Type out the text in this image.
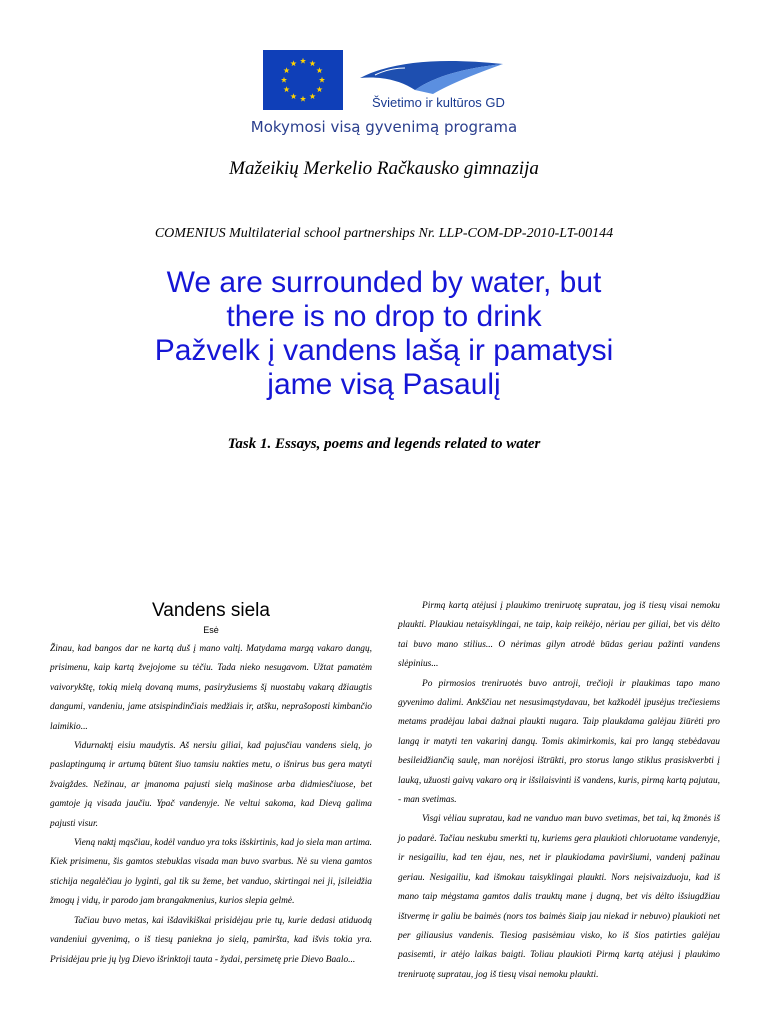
Švietimo ir kultūros GD
Mokymosi visą gyvenimą programa
Mažeikių Merkelio Račkausko gimnazija
COMENIUS Multilaterial school partnerships Nr. LLP-COM-DP-2010-LT-00144
We are surrounded by water, but
there is no drop to drink
Pažvelk į vandens lašą ir pamatysi
jame visą Pasaulį
Task 1. Essays, poems and legends related to water
Vandens siela
Esė

Žinau, kad bangos dar ne kartą duš į mano valtį. Matydama margą vakaro dangų, prisimenu, kaip kartą žvejojome su tėčiu. Tada nieko nesugavom. Užtat pamatėm vaivorykštę, tokią mielą dovaną mums, pasiryžusiems šį nuostabų vakarą džiaugtis dangumi, vandeniu, jame atsispindinčiais medžiais ir, atšku, neprašoposti kimbančio laimikio...

Vidurnaktį eisiu maudytis. Aš nersiu giliai, kad pajusčiau vandens sielą, jo paslaptingumą ir artumą būtent šiuo tamsiu nakties metu, o išnirus bus gera matyti žvaigždes. Nežinau, ar įmanoma pajusti sielą mašinose arba didmiesčiuose, bet gamtoje ją visada jaučiu. Ypač vandenyje. Ne veltui sakoma, kad Dievą galima pajusti visur.

Vieną naktį mąsčiau, kodėl vanduo yra toks išskirtinis, kad jo siela man artima. Kiek prisimenu, šis gamtos stebuklas visada man buvo svarbus. Nė su viena gamtos stichija negalėčiau jo lyginti, gal tik su žeme, bet vanduo, skirtingai nei ji, įsileidžia žmogų į vidų, ir parodo jam brangakmenius, kurios slepia gelmė.

Tačiau buvo metas, kai išdavikiškai prisidėjau prie tų, kurie dedasi atiduodą vandeniui gyvenimą, o iš tiesų panieknа jo sielą, pamiršta, kad išvis tokia yra. Prisidėjau prie jų lyg Dievo išrinktoji tauta - žydai, persimetę prie Dievo Baalo...

Pirmą kartą atėjusi į plaukimo treniruotę supratau, jog iš tiesų visai nemoku plaukti. Plaukiau netaisyklingai, ne taip, kaip reikėjo, nėriau per giliai, bet vis dėlto tai buvo mano stilius... O nėrimas gilyn atrodė būdas geriau pažinti vandens slėpinius...

Po pirmosios treniruotės buvo antroji, trečioji ir plaukimas tapo mano gyvenimo dalimi. Ankščiau net nesusimąstydavau, bet kažkodėl įpusėjus trečiesiems metams pradėjau labai dažnai plaukti nugara. Taip plaukdama galėjau žiūrėti pro langą ir matyti ten vakarinį dangų. Tomis akimirkomis, kai pro langą stebėdavau besileidžiančią saulę, man norėjosi ištrūkti, pro storus lango stiklus prasiskverbti į lauką, užuosti gaivų vakaro orą ir išsilaisvinti iš vandens, kuris, pirmą kartą pajutau, - man svetimas.

Visgi vėliau supratau, kad ne vanduo man buvo svetimas, bet tai, ką žmonės iš jo padarė. Tačiau neskubu smerkti tų, kuriems gera plaukioti chloruotame vandenyje, ir nesigailiu, kad ten ėjau, nes, net ir plaukiodama paviršiumi, vandenį pažinau geriau. Nesigailiu, kad išmokau taisyklingai plaukti. Nors neįsivaizduoju, kad iš mano taip mėgstama gamtos dalis trauktų mane į dugną, bet vis dėlto išsiugdžiau ištvermę ir galiu be baimės (nors tos baimės šiaip jau niekad ir nebuvo) plaukioti net per giliausius vandenis. Tiesiog pasisėmiau visko, ko iš šios patirties galėjau pasisemti, ir atėjo laikas baigti. Toliau plaukioti Pirmą kartą atėjusi į plaukimo treniruotę supratau, jog iš tiesų visai nemoku plaukti.
